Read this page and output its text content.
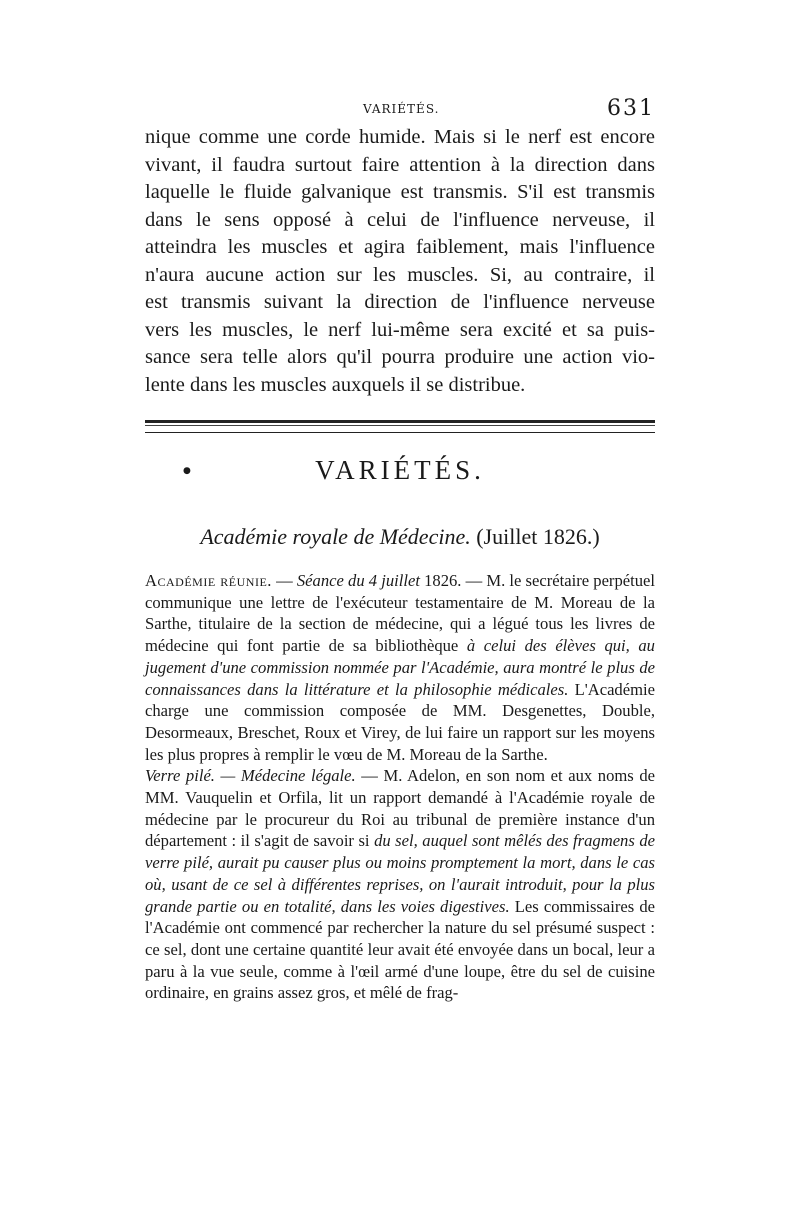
VARIÉTÉS.	631

nique comme une corde humide. Mais si le nerf est encore

vivant, il faudra surtout faire attention à la direction dans

laquelle le fluide galvanique est transmis. S'il est transmis

dans le sens opposé à celui de l'influence nerveuse, il

atteindra les muscles et agira faiblement, mais l'influence

n'aura aucune action sur les muscles. Si, au contraire, il

est transmis suivant la direction de l'influence nerveuse

vers les muscles, le nerf lui-même sera excité et sa puis-

sance sera telle alors qu'il pourra produire une action vio-

lente dans les muscles auxquels il se distribue.

●	VARIÉTÉS.
Académie royale de Médecine. (Juillet 1826.)

Académie réunie. — Séance du 4 juillet 1826. — M. le secrétaire perpétuel communique une lettre de l'exécuteur testamentaire de M. Moreau de la Sarthe, titulaire de la section de médecine, qui a légué tous les livres de médecine qui font partie de sa bibliothèque à celui des élèves qui, au jugement d'une commission nommée par l'Académie, aura montré le plus de connaissances dans la littérature et la philosophie médicales. L'Académie charge une commission composée de MM. Desgenettes, Double, Desormeaux, Breschet, Roux et Virey, de lui faire un rapport sur les moyens les plus propres à remplir le vœu de M. Moreau de la Sarthe.

Verre pilé. — Médecine légale. — M. Adelon, en son nom et aux noms de MM. Vauquelin et Orfila, lit un rapport demandé à l'Académie royale de médecine par le procureur du Roi au tribunal de première instance d'un département : il s'agit de savoir si du sel, auquel sont mêlés des fragmens de verre pilé, aurait pu causer plus ou moins promptement la mort, dans le cas où, usant de ce sel à différentes reprises, on l'aurait introduit, pour la plus grande partie ou en totalité, dans les voies digestives. Les commissaires de l'Académie ont commencé par rechercher la nature du sel présumé suspect : ce sel, dont une certaine quantité leur avait été envoyée dans un bocal, leur a paru à la vue seule, comme à l'œil armé d'une loupe, être du sel de cuisine ordinaire, en grains assez gros, et mêlé de frag-
